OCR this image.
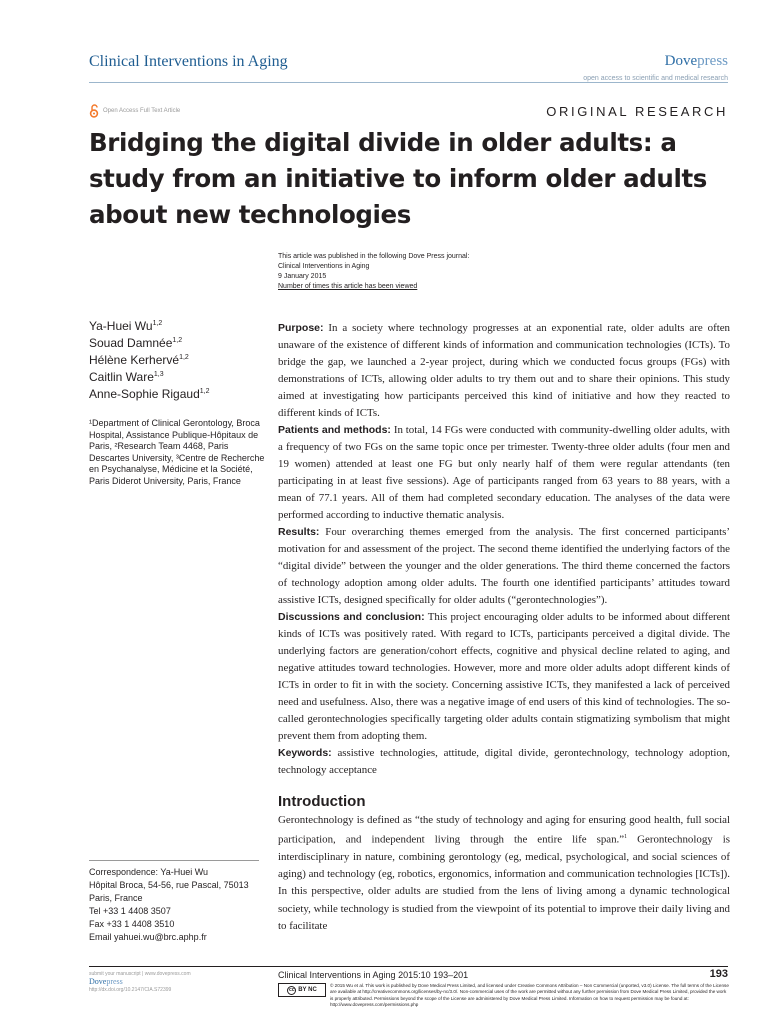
Clinical Interventions in Aging	Dovepress
open access to scientific and medical research
Open Access Full Text Article	ORIGINAL RESEARCH
Bridging the digital divide in older adults: a study from an initiative to inform older adults about new technologies
This article was published in the following Dove Press journal:
Clinical Interventions in Aging
9 January 2015
Number of times this article has been viewed
Ya-Huei Wu$^{1,2}$
Souad Damnée$^{1,2}$
Hélène Kerhervé$^{1,2}$
Caitlin Ware$^{1,3}$
Anne-Sophie Rigaud$^{1,2}$
¹Department of Clinical Gerontology, Broca Hospital, Assistance Publique-Hôpitaux de Paris, ²Research Team 4468, Paris Descartes University, ³Centre de Recherche en Psychanalyse, Médicine et la Société, Paris Diderot University, Paris, France

Purpose: In a society where technology progresses at an exponential rate, older adults are often unaware of the existence of different kinds of information and communication technologies (ICTs). To bridge the gap, we launched a 2-year project, during which we conducted focus groups (FGs) with demonstrations of ICTs, allowing older adults to try them out and to share their opinions. This study aimed at investigating how participants perceived this kind of initiative and how they reacted to different kinds of ICTs.

Patients and methods: In total, 14 FGs were conducted with community-dwelling older adults, with a frequency of two FGs on the same topic once per trimester. Twenty-three older adults (four men and 19 women) attended at least one FG but only nearly half of them were regular attendants (ten participating in at least five sessions). Age of participants ranged from 63 years to 88 years, with a mean of 77.1 years. All of them had completed secondary education. The analyses of the data were performed according to inductive thematic analysis.

Results: Four overarching themes emerged from the analysis. The first concerned participants’ motivation for and assessment of the project. The second theme identified the underlying factors of the “digital divide” between the younger and the older generations. The third theme concerned the factors of technology adoption among older adults. The fourth one identified participants’ attitudes toward assistive ICTs, designed specifically for older adults (“gerontechnologies”).

Discussions and conclusion: This project encouraging older adults to be informed about different kinds of ICTs was positively rated. With regard to ICTs, participants perceived a digital divide. The underlying factors are generation/cohort effects, cognitive and physical decline related to aging, and negative attitudes toward technologies. However, more and more older adults adopt different kinds of ICTs in order to fit in with the society. Concerning assistive ICTs, they manifested a lack of perceived need and usefulness. Also, there was a negative image of end users of this kind of technologies. The so-called gerontechnologies specifically targeting older adults contain stigmatizing symbolism that might prevent them from adopting them.

Keywords: assistive technologies, attitude, digital divide, gerontechnology, technology adoption, technology acceptance

Introduction

Gerontechnology is defined as “the study of technology and aging for ensuring good health, full social participation, and independent living through the entire life span.”$^1$ Gerontechnology is interdisciplinary in nature, combining gerontology (eg, medical, psychological, and social sciences of aging) and technology (eg, robotics, ergonomics, information and communication technologies [ICTs]). In this perspective, older adults are studied from the lens of living among a dynamic technological society, while technology is studied from the viewpoint of its potential to improve their daily living and to facilitate

Correspondence: Ya-Huei Wu
Hôpital Broca, 54-56, rue Pascal, 75013
Paris, France
Tel +33 1 4408 3507
Fax +33 1 4408 3510
Email yahuei.wu@brc.aphp.fr
submit your manuscript | www.dovepress.com
Dovepress
http://dx.doi.org/10.2147/CIA.S72399
Clinical Interventions in Aging 2015:10 193–201	193
cc BY NC
© 2015 Wu et al. This work is published by Dove Medical Press Limited, and licensed under Creative Commons Attribution – Non Commercial (unported, v3.0) License. The full terms of the License are available at http://creativecommons.org/licenses/by-nc/3.0/. Non-commercial uses of the work are permitted without any further permission from Dove Medical Press Limited, provided the work is properly attributed. Permissions beyond the scope of the License are administered by Dove Medical Press Limited. Information on how to request permission may be found at: http://www.dovepress.com/permissions.php
